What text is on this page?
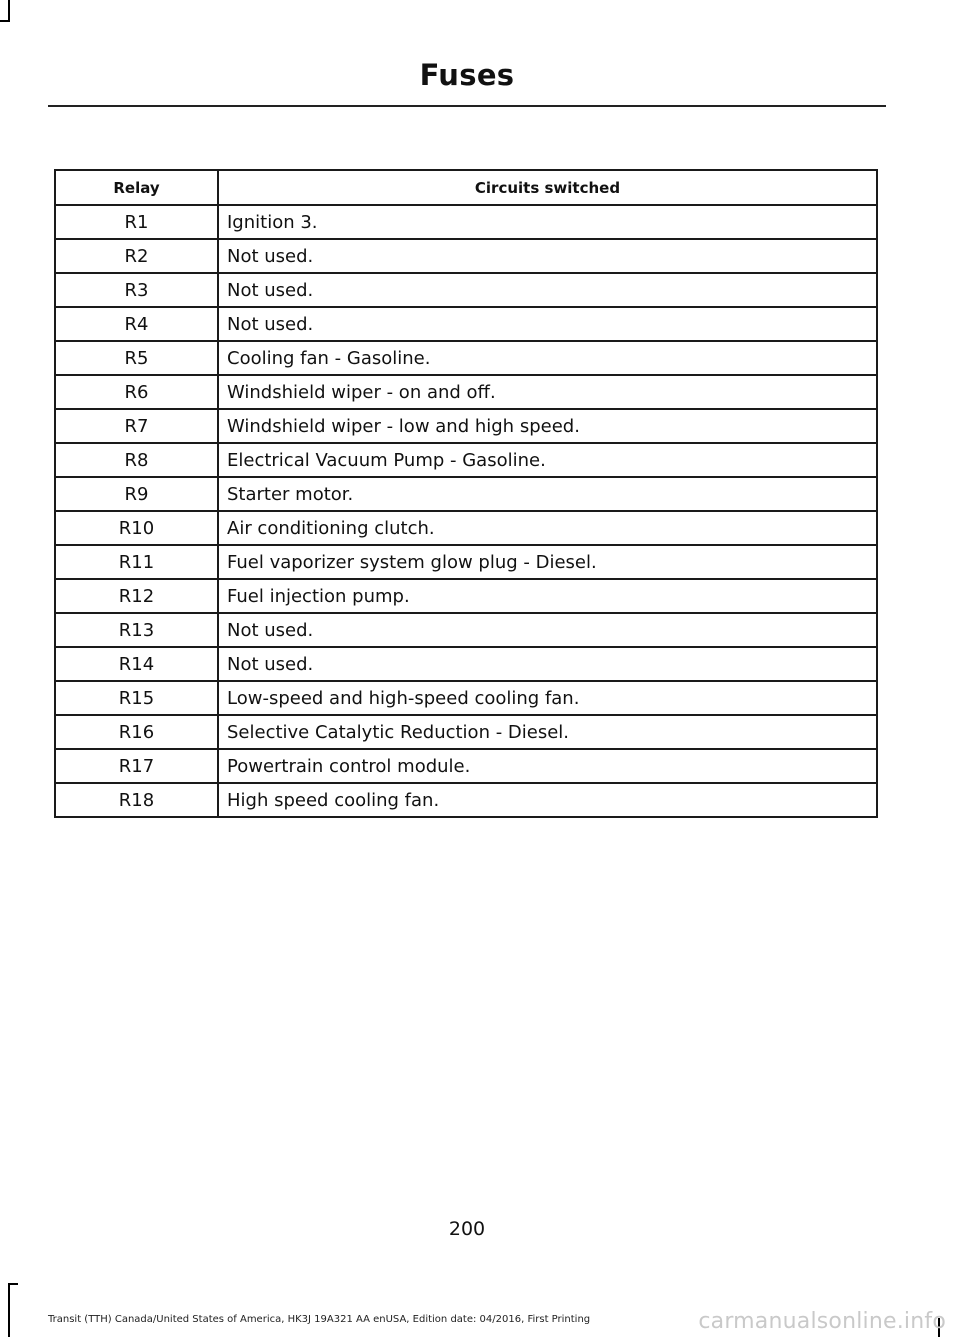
Fuses
Relay	Circuits switched
R1	Ignition 3.
R2	Not used.
R3	Not used.
R4	Not used.
R5	Cooling fan - Gasoline.
R6	Windshield wiper - on and off.
R7	Windshield wiper - low and high speed.
R8	Electrical Vacuum Pump - Gasoline.
R9	Starter motor.
R10	Air conditioning clutch.
R11	Fuel vaporizer system glow plug - Diesel.
R12	Fuel injection pump.
R13	Not used.
R14	Not used.
R15	Low-speed and high-speed cooling fan.
R16	Selective Catalytic Reduction - Diesel.
R17	Powertrain control module.
R18	High speed cooling fan.
200
Transit (TTH) Canada/United States of America, HK3J 19A321 AA enUSA, Edition date: 04/2016, First Printing	carmanualsonline.info
